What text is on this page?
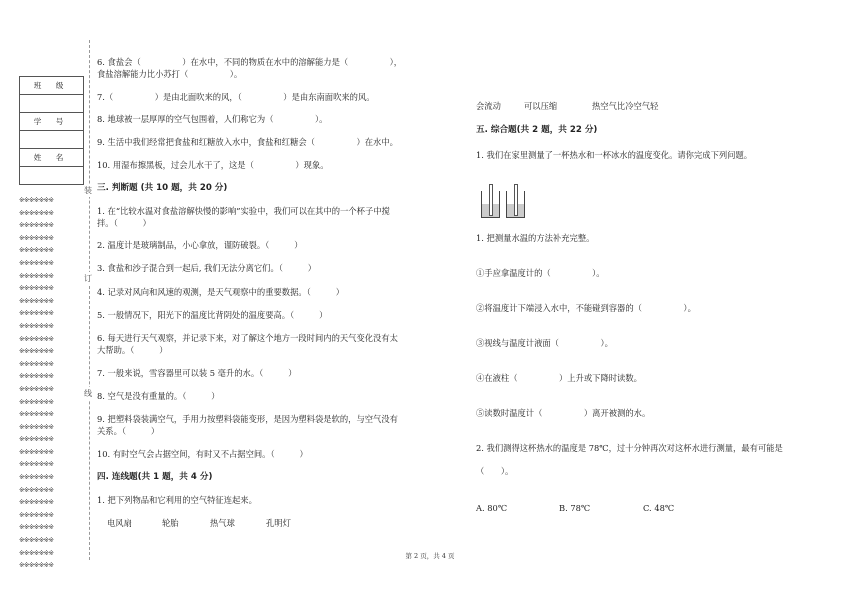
班 级
学 号
姓 名
※※※※※※※
※※※※※※※
※※※※※※※
※※※※※※※
※※※※※※※
※※※※※※※
※※※※※※※
※※※※※※※
※※※※※※※
※※※※※※※
※※※※※※※
※※※※※※※
※※※※※※※
※※※※※※※
※※※※※※※
※※※※※※※
※※※※※※※
※※※※※※※
※※※※※※※
※※※※※※※
※※※※※※※
※※※※※※※
※※※※※※※
※※※※※※※
※※※※※※※
※※※※※※※
※※※※※※※
※※※※※※※
※※※※※※※
※※※※※※※
装
订
线
6. 食盐会（　　　　　）在水中，不同的物质在水中的溶解能力是（　　　　　），
食盐溶解能力比小苏打（　　　　　）。
7.（　　　　　）是由北面吹来的风，（　　　　　）是由东南面吹来的风。
8. 地球被一层厚厚的空气包围着，人们称它为（　　　　　）。
9. 生活中我们经常把食盐和红糖放入水中，食盐和红糖会（　　　　　）在水中。
10. 用湿布擦黑板，过会儿水干了，这是（　　　　　）现象。
三. 判断题 (共 10 题，共 20 分)
1. 在“比较水温对食盐溶解快慢的影响”实验中，我们可以在其中的一个杯子中搅
拌。（　　　）
2. 温度计是玻璃制品，小心拿放，谨防破裂。（　　　）
3. 食盐和沙子混合到一起后, 我们无法分离它们。（　　　）
4. 记录对风向和风速的观测，是天气观察中的重要数据。（　　　）
5. 一般情况下，阳光下的温度比背阴处的温度要高。（　　　）
6. 每天进行天气观察，并记录下来，对了解这个地方一段时间内的天气变化没有太
大帮助。（　　　）
7. 一般来说，雪容器里可以装 5 毫升的水。（　　　）
8. 空气是没有重量的。（　　　）
9. 把塑料袋装满空气，手用力按塑料袋能变形，是因为塑料袋是软的，与空气没有
关系。（　　　）
10. 有时空气会占据空间，有时又不占据空间。（　　　）
四. 连线题(共 1 题，共 4 分)
1. 把下列物品和它利用的空气特征连起来。
电风扇	轮胎	热气球	孔明灯
会流动	可以压缩	热空气比冷空气轻
五. 综合题(共 2 题，共 22 分)
1. 我们在家里测量了一杯热水和一杯冰水的温度变化。请你完成下列问题。
1. 把测量水温的方法补充完整。
①手应拿温度计的（　　　　　）。
②将温度计下端浸入水中，不能碰到容器的（　　　　　）。
③视线与温度计液面（　　　　　）。
④在液柱（　　　　　）上升或下降时读数。
⑤读数时温度计（　　　　　）离开被测的水。
2. 我们测得这杯热水的温度是 78℃，过十分钟再次对这杯水进行测量，最有可能是
（　　）。
A. 80℃	B. 78℃	C. 48℃
第 2 页，共 4 页
